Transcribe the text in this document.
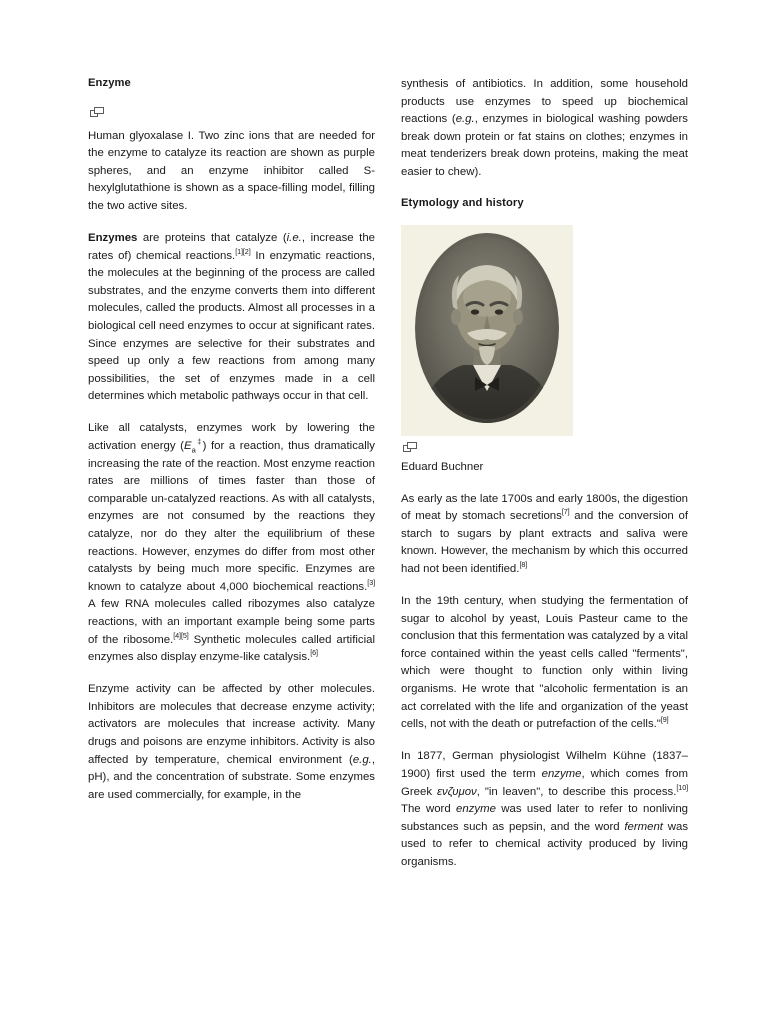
Enzyme

Human glyoxalase I. Two zinc ions that are needed for the enzyme to catalyze its reaction are shown as purple spheres, and an enzyme inhibitor called S-hexylglutathione is shown as a space-filling model, filling the two active sites.

Enzymes are proteins that catalyze (i.e., increase the rates of) chemical reactions.[1][2] In enzymatic reactions, the molecules at the beginning of the process are called substrates, and the enzyme converts them into different molecules, called the products. Almost all processes in a biological cell need enzymes to occur at significant rates. Since enzymes are selective for their substrates and speed up only a few reactions from among many possibilities, the set of enzymes made in a cell determines which metabolic pathways occur in that cell.

Like all catalysts, enzymes work by lowering the activation energy $(E_a^\ddagger)$ for a reaction, thus dramatically increasing the rate of the reaction. Most enzyme reaction rates are millions of times faster than those of comparable un-catalyzed reactions. As with all catalysts, enzymes are not consumed by the reactions they catalyze, nor do they alter the equilibrium of these reactions. However, enzymes do differ from most other catalysts by being much more specific. Enzymes are known to catalyze about 4,000 biochemical reactions.[3] A few RNA molecules called ribozymes also catalyze reactions, with an important example being some parts of the ribosome.[4][5] Synthetic molecules called artificial enzymes also display enzyme-like catalysis.[6]

Enzyme activity can be affected by other molecules. Inhibitors are molecules that decrease enzyme activity; activators are molecules that increase activity. Many drugs and poisons are enzyme inhibitors. Activity is also affected by temperature, chemical environment (e.g., pH), and the concentration of substrate. Some enzymes are used commercially, for example, in the

synthesis of antibiotics. In addition, some household products use enzymes to speed up biochemical reactions (e.g., enzymes in biological washing powders break down protein or fat stains on clothes; enzymes in meat tenderizers break down proteins, making the meat easier to chew).

Etymology and history
Eduard Buchner

As early as the late 1700s and early 1800s, the digestion of meat by stomach secretions[7] and the conversion of starch to sugars by plant extracts and saliva were known. However, the mechanism by which this occurred had not been identified.[8]

In the 19th century, when studying the fermentation of sugar to alcohol by yeast, Louis Pasteur came to the conclusion that this fermentation was catalyzed by a vital force contained within the yeast cells called "ferments", which were thought to function only within living organisms. He wrote that "alcoholic fermentation is an act correlated with the life and organization of the yeast cells, not with the death or putrefaction of the cells."[9]

In 1877, German physiologist Wilhelm Kühne (1837–1900) first used the term enzyme, which comes from Greek ενζυμον, "in leaven", to describe this process.[10] The word enzyme was used later to refer to nonliving substances such as pepsin, and the word ferment was used to refer to chemical activity produced by living organisms.
